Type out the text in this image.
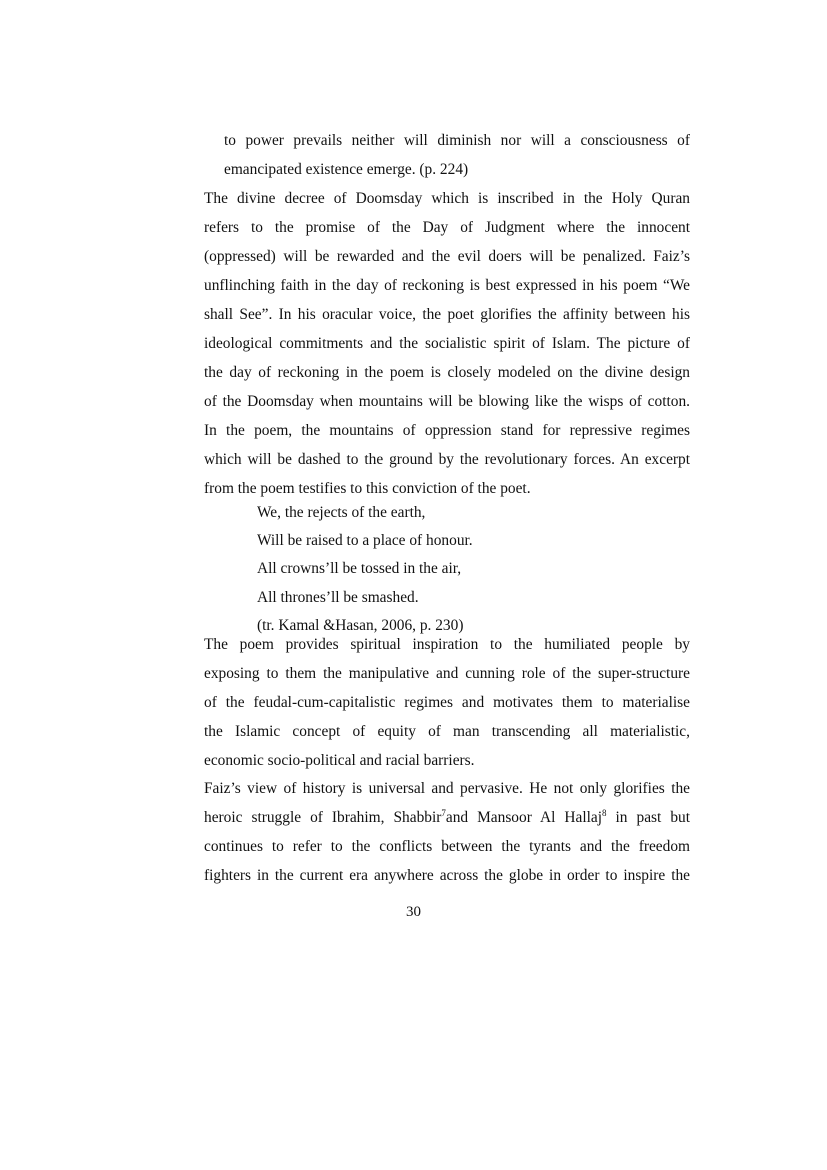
to power prevails neither will diminish nor will a consciousness of
emancipated existence emerge. (p. 224)
The divine decree of Doomsday which is inscribed in the Holy Quran
refers to the promise of the Day of Judgment where the innocent
(oppressed) will be rewarded and the evil doers will be penalized. Faiz’s
unflinching faith in the day of reckoning is best expressed in his poem “We
shall See”. In his oracular voice, the poet glorifies the affinity between his
ideological commitments and the socialistic spirit of Islam. The picture of
the day of reckoning in the poem is closely modeled on the divine design
of the Doomsday when mountains will be blowing like the wisps of cotton.
In the poem, the mountains of oppression stand for repressive regimes
which will be dashed to the ground by the revolutionary forces. An excerpt
from the poem testifies to this conviction of the poet.
We, the rejects of the earth,
Will be raised to a place of honour.
All crowns’ll be tossed in the air,
All thrones’ll be smashed.
(tr. Kamal &Hasan, 2006, p. 230)
The poem provides spiritual inspiration to the humiliated people by
exposing to them the manipulative and cunning role of the super-structure
of the feudal-cum-capitalistic regimes and motivates them to materialise
the Islamic concept of equity of man transcending all materialistic,
economic socio-political and racial barriers.
Faiz’s view of history is universal and pervasive. He not only glorifies the
heroic struggle of Ibrahim, Shabbir$^7$and Mansoor Al Hallaj$^8$ in past but
continues to refer to the conflicts between the tyrants and the freedom
fighters in the current era anywhere across the globe in order to inspire the
30
